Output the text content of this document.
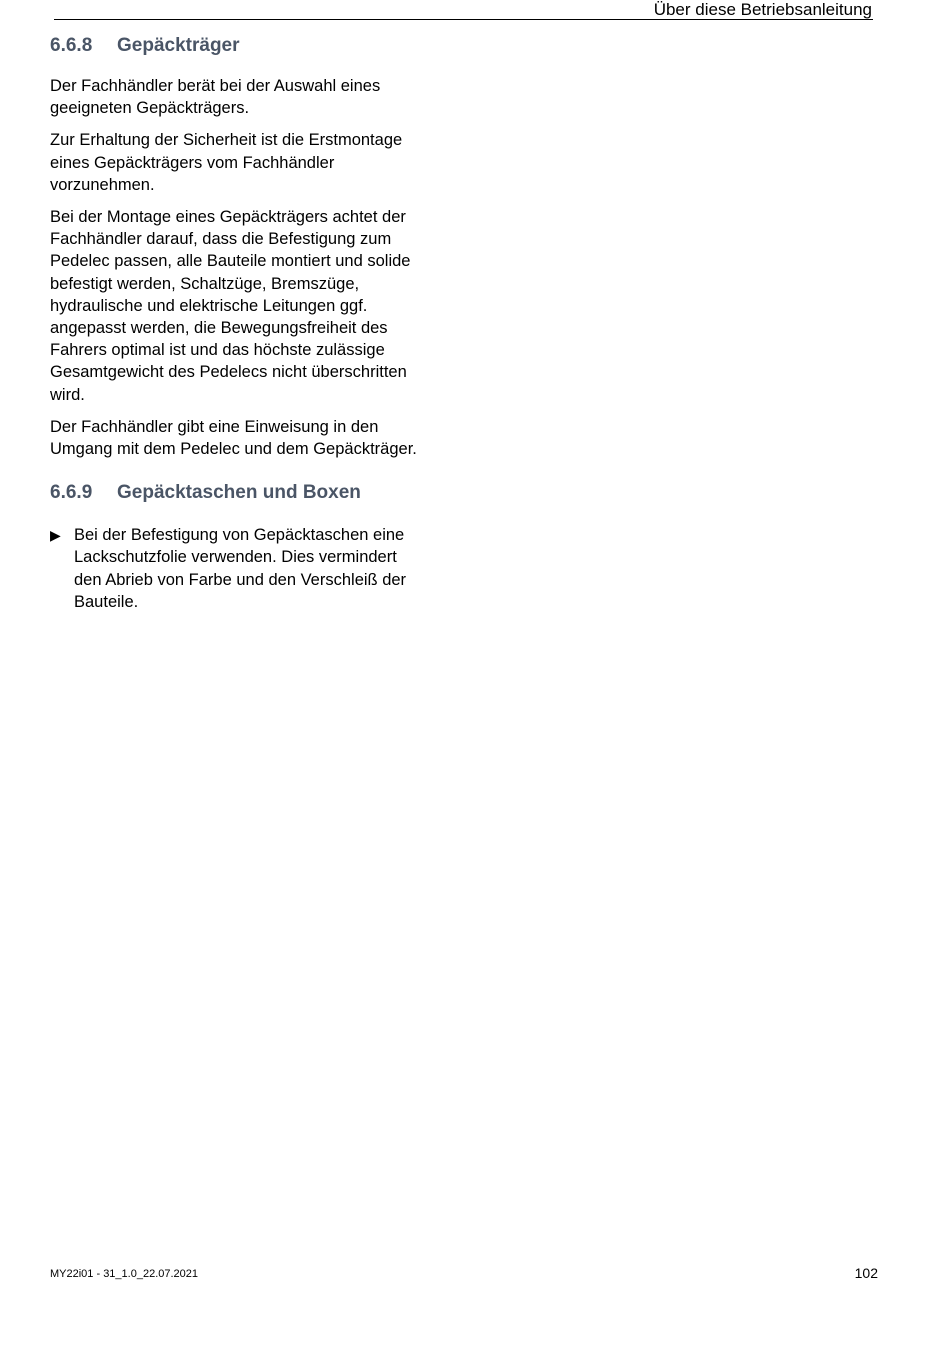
Über diese Betriebsanleitung
6.6.8	Gepäckträger

Der Fachhändler berät bei der Auswahl eines
geeigneten Gepäckträgers.

Zur Erhaltung der Sicherheit ist die Erstmontage
eines Gepäckträgers vom Fachhändler
vorzunehmen.

Bei der Montage eines Gepäckträgers achtet der
Fachhändler darauf, dass die Befestigung zum
Pedelec passen, alle Bauteile montiert und solide
befestigt werden, Schaltzüge, Bremszüge,
hydraulische und elektrische Leitungen ggf.
angepasst werden, die Bewegungsfreiheit des
Fahrers optimal ist und das höchste zulässige
Gesamtgewicht des Pedelecs nicht überschritten
wird.

Der Fachhändler gibt eine Einweisung in den
Umgang mit dem Pedelec und dem Gepäckträger.

6.6.9	Gepäcktaschen und Boxen
▶ Bei der Befestigung von Gepäcktaschen eine
Lackschutzfolie verwenden. Dies vermindert
den Abrieb von Farbe und den Verschleiß der
Bauteile.
MY22i01 - 31_1.0_22.07.2021	102
